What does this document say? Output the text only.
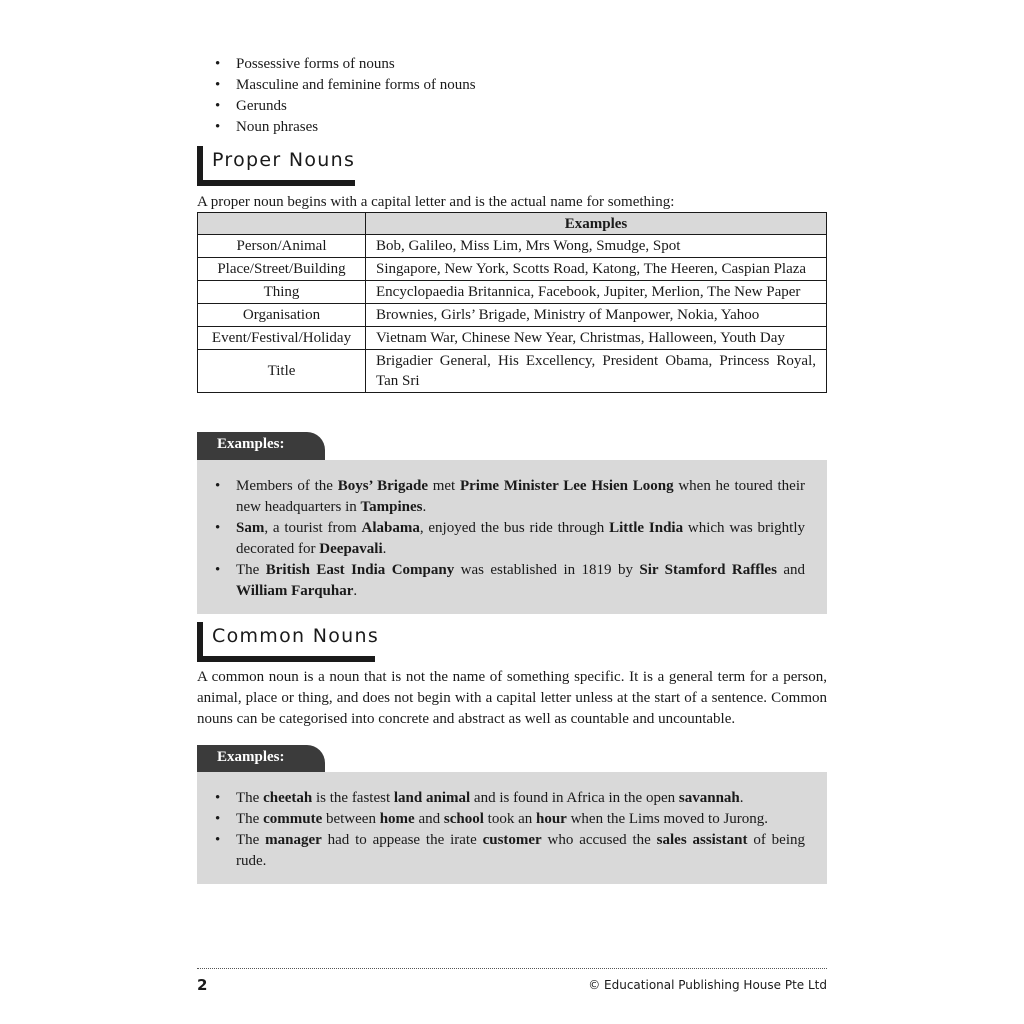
• Possessive forms of nouns
• Masculine and feminine forms of nouns
• Gerunds
• Noun phrases
Proper Nouns

A proper noun begins with a capital letter and is the actual name for something:

	Examples
Person/Animal	Bob, Galileo, Miss Lim, Mrs Wong, Smudge, Spot
Place/Street/Building	Singapore, New York, Scotts Road, Katong, The Heeren, Caspian Plaza
Thing	Encyclopaedia Britannica, Facebook, Jupiter, Merlion, The New Paper
Organisation	Brownies, Girls’ Brigade, Ministry of Manpower, Nokia, Yahoo
Event/Festival/Holiday	Vietnam War, Chinese New Year, Christmas, Halloween, Youth Day
Title	Brigadier General, His Excellency, President Obama, Princess Royal, Tan Sri
Examples:
• Members of the Boys’ Brigade met Prime Minister Lee Hsien Loong when he toured their new headquarters in Tampines.
• Sam, a tourist from Alabama, enjoyed the bus ride through Little India which was brightly decorated for Deepavali.
• The British East India Company was established in 1819 by Sir Stamford Raffles and William Farquhar.
Common Nouns

A common noun is a noun that is not the name of something specific. It is a general term for a person, animal, place or thing, and does not begin with a capital letter unless at the start of a sentence. Common nouns can be categorised into concrete and abstract as well as countable and uncountable.

Examples:
• The cheetah is the fastest land animal and is found in Africa in the open savannah.
• The commute between home and school took an hour when the Lims moved to Jurong.
• The manager had to appease the irate customer who accused the sales assistant of being rude.
2	© Educational Publishing House Pte Ltd
